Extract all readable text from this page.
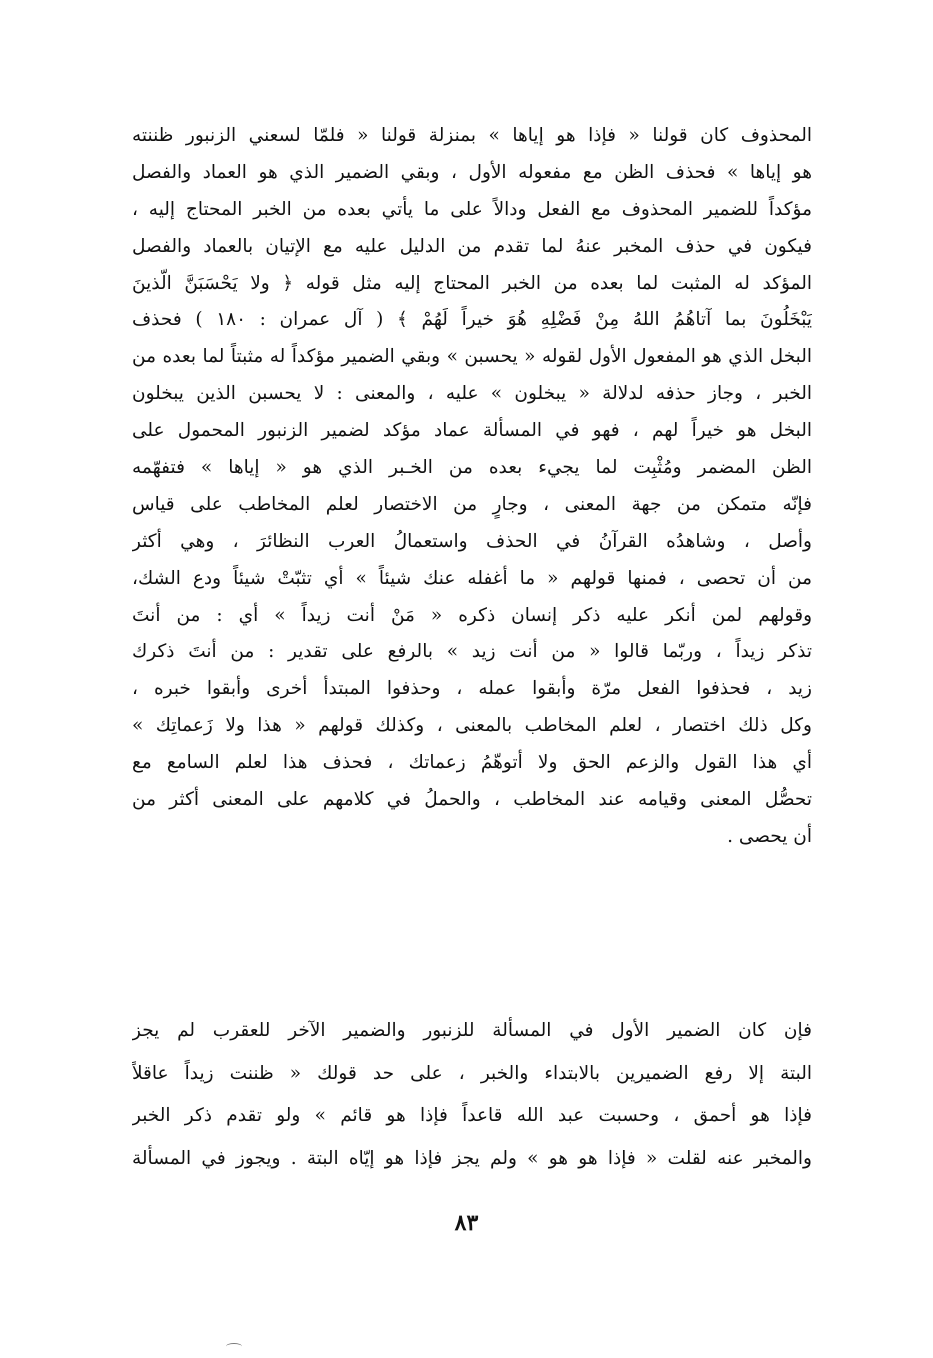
المحذوف كان قولنا « فإذا هو إياها » بمنزلة قولنا « فلمّا لسعني الزنبور ظننته
هو إياها » فحذف الظن مع مفعوله الأول ، وبقي الضمير الذي هو العماد والفصل
مؤكداً للضمير المحذوف مع الفعل ودالاً على ما يأتي بعده من الخبر المحتاج إليه ،
فيكون في حذف المخبر عنهُ لما تقدم من الدليل عليه مع الإتيان بالعماد والفصل
المؤكد له المثبت لما بعده من الخبر المحتاج إليه مثل قوله ﴿ ولا يَحْسَبَنَّ الّذينَ
يَبْخَلُونَ بما آتاهُمُ اللهُ مِنْ فَضْلِهِ هُوَ خيراً لَهُمْ ﴾ ( آل عمران : ١٨٠ ) فحذف
البخل الذي هو المفعول الأول لقوله « يحسبن » وبقي الضمير مؤكداً له مثبتاً لما بعده من
الخبر ، وجاز حذفه لدلالة « يبخلون » عليه ، والمعنى : لا يحسبن الذين يبخلون
البخل هو خيراً لهم ، فهو في المسألة عماد مؤكد لضمير الزنبور المحمول على
الظن المضمر ومُثْبِت لما يجيء بعده من الخـبر الذي هو « إياها » فتفهّمه
فإنّه متمكن من جهة المعنى ، وجارٍ من الاختصار لعلم المخاطب على قياس
وأصل ، وشاهدُه القرآنُ في الحذف واستعمالُ العرب النظائرَ ، وهي أكثر
من أن تحصى ، فمنها قولهم « ما أغفله عنك شيئاً » أي تثبّتْ شيئاً ودع الشك،
وقولهم لمن أنكر عليه ذكر إنسان ذكره « مَنْ أنت زيداً » أي : من أنتَ
تذكر زيداً ، وربّما قالوا « من أنت زيد » بالرفع على تقدير : من أنتَ ذكرك
زيد ، فحذفوا الفعل مرّة وأبقوا عمله ، وحذفوا المبتدأ أخرى وأبقوا خبره ،
وكل ذلك اختصار ، لعلم المخاطب بالمعنى ، وكذلك قولهم « هذا ولا زَعماتِك »
أي هذا القول والزعم الحق ولا أتوهّمُ زعماتك ، فحذف هذا لعلم السامع مع
تحصُّل المعنى وقيامه عند المخاطب ، والحملُ في كلامهم على المعنى أكثر من
أن يحصى .
فإن كان الضمير الأول في المسألة للزنبور والضمير الآخر للعقرب لم يجز
البتة إلا رفع الضميرين بالابتداء والخبر ، على حد قولك « ظننت زيداً عاقلاً
فإذا هو أحمق ، وحسبت عبد الله قاعداً فإذا هو قائم » ولو تقدم ذكر الخبر
والمخبر عنه لقلت « فإذا هو هو » ولم يجز فإذا هو إيّاه البتة . ويجوز في المسألة
٨٣
